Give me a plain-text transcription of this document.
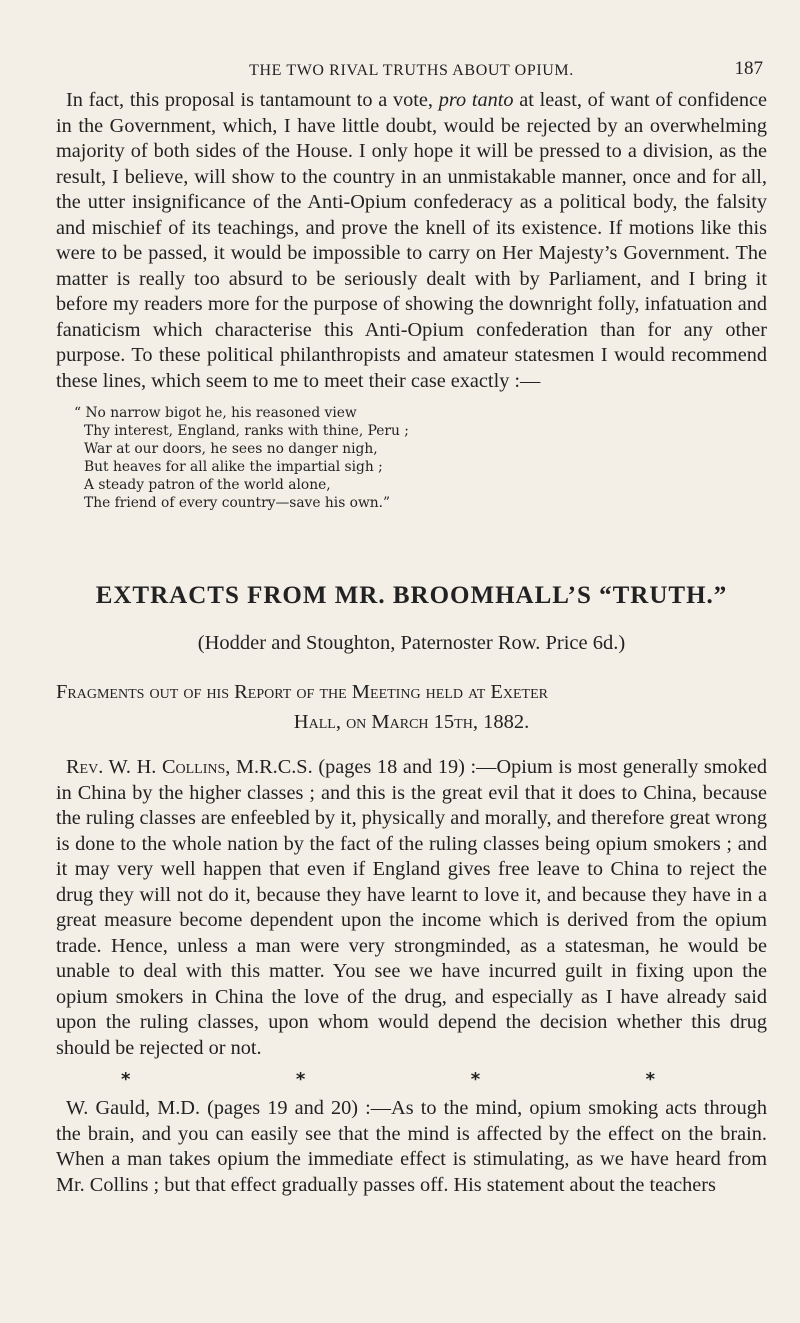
THE TWO RIVAL TRUTHS ABOUT OPIUM.	187

In fact, this proposal is tantamount to a vote, pro tanto at least, of want of confidence in the Government, which, I have little doubt, would be rejected by an overwhelming majority of both sides of the House. I only hope it will be pressed to a division, as the result, I believe, will show to the country in an unmistakable manner, once and for all, the utter insignificance of the Anti-Opium confederacy as a political body, the falsity and mischief of its teachings, and prove the knell of its existence. If motions like this were to be passed, it would be impossible to carry on Her Majesty’s Government. The matter is really too absurd to be seriously dealt with by Parliament, and I bring it before my readers more for the purpose of showing the downright folly, infatuation and fanaticism which characterise this Anti-Opium confederation than for any other purpose. To these political philanthropists and amateur statesmen I would recommend these lines, which seem to me to meet their case exactly :—

“ No narrow bigot he, his reasoned view
Thy interest, England, ranks with thine, Peru ;
War at our doors, he sees no danger nigh,
But heaves for all alike the impartial sigh ;
A steady patron of the world alone,
The friend of every country—save his own.”
EXTRACTS FROM MR. BROOMHALL’S “TRUTH.”
(Hodder and Stoughton, Paternoster Row. Price 6d.)
Fragments out of his Report of the Meeting held at Exeter
Hall, on March 15th, 1882.

Rev. W. H. Collins, M.R.C.S. (pages 18 and 19) :—Opium is most generally smoked in China by the higher classes ; and this is the great evil that it does to China, because the ruling classes are enfeebled by it, physically and morally, and therefore great wrong is done to the whole nation by the fact of the ruling classes being opium smokers ; and it may very well happen that even if England gives free leave to China to reject the drug they will not do it, because they have learnt to love it, and because they have in a great measure become dependent upon the income which is derived from the opium trade. Hence, unless a man were very strongminded, as a statesman, he would be unable to deal with this matter. You see we have incurred guilt in fixing upon the opium smokers in China the love of the drug, and especially as I have already said upon the ruling classes, upon whom would depend the decision whether this drug should be rejected or not.

*	*	*	*

W. Gauld, M.D. (pages 19 and 20) :—As to the mind, opium smoking acts through the brain, and you can easily see that the mind is affected by the effect on the brain. When a man takes opium the immediate effect is stimulating, as we have heard from Mr. Collins ; but that effect gradually passes off. His statement about the teachers
